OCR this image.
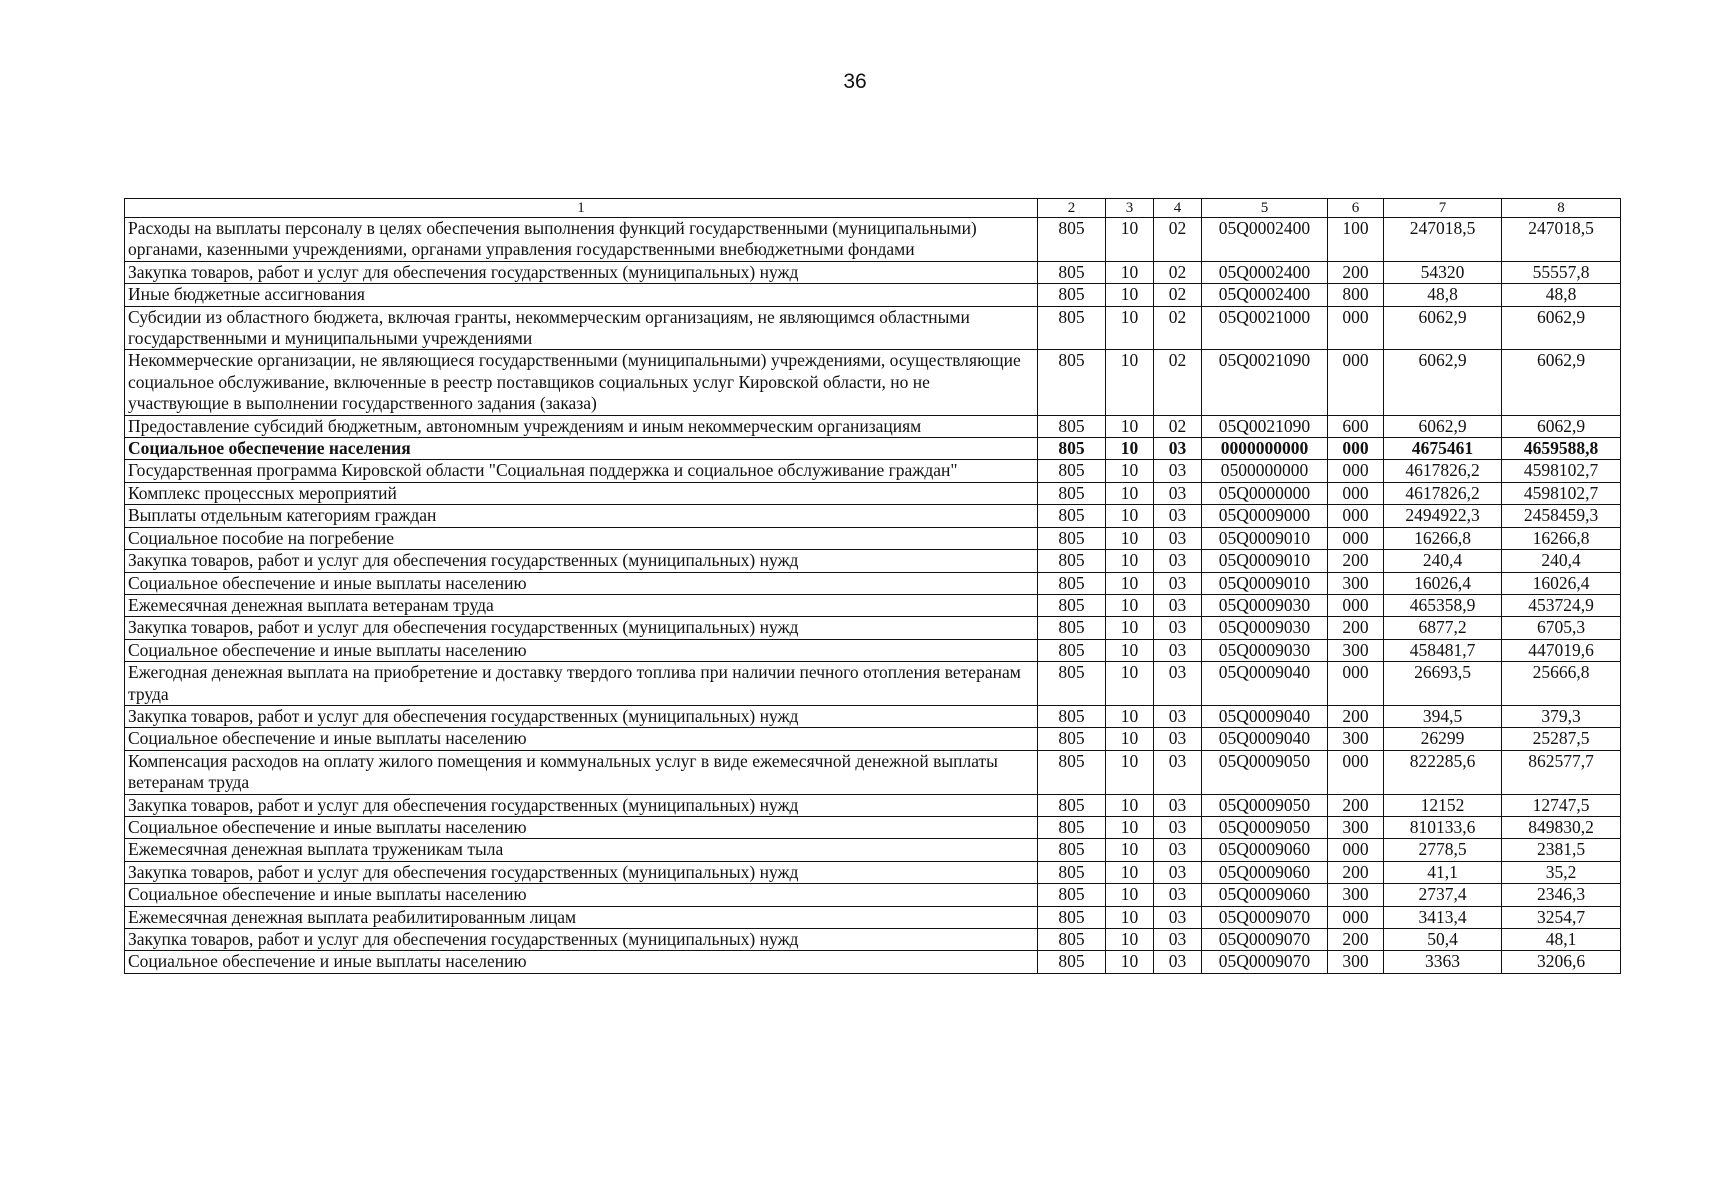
36
1	2	3	4	5	6	7	8
Расходы на выплаты персоналу в целях обеспечения выполнения функций государственными (муниципальными) органами, казенными учреждениями, органами управления государственными внебюджетными фондами	805	10	02	05Q0002400	100	247018,5	247018,5
Закупка товаров, работ и услуг для обеспечения государственных (муниципальных) нужд	805	10	02	05Q0002400	200	54320	55557,8
Иные бюджетные ассигнования	805	10	02	05Q0002400	800	48,8	48,8
Субсидии из областного бюджета, включая гранты, некоммерческим организациям, не являющимся областными государственными и муниципальными учреждениями	805	10	02	05Q0021000	000	6062,9	6062,9
Некоммерческие организации, не являющиеся государственными (муниципальными) учреждениями, осуществляющие социальное обслуживание, включенные в реестр поставщиков социальных услуг Кировской области, но не участвующие в выполнении государственного задания (заказа)	805	10	02	05Q0021090	000	6062,9	6062,9
Предоставление субсидий бюджетным, автономным учреждениям и иным некоммерческим организациям	805	10	02	05Q0021090	600	6062,9	6062,9
Социальное обеспечение населения	805	10	03	0000000000	000	4675461	4659588,8
Государственная программа Кировской области "Социальная поддержка и социальное обслуживание граждан"	805	10	03	0500000000	000	4617826,2	4598102,7
Комплекс процессных мероприятий	805	10	03	05Q0000000	000	4617826,2	4598102,7
Выплаты отдельным категориям граждан	805	10	03	05Q0009000	000	2494922,3	2458459,3
Социальное пособие на погребение	805	10	03	05Q0009010	000	16266,8	16266,8
Закупка товаров, работ и услуг для обеспечения государственных (муниципальных) нужд	805	10	03	05Q0009010	200	240,4	240,4
Социальное обеспечение и иные выплаты населению	805	10	03	05Q0009010	300	16026,4	16026,4
Ежемесячная денежная выплата ветеранам труда	805	10	03	05Q0009030	000	465358,9	453724,9
Закупка товаров, работ и услуг для обеспечения государственных (муниципальных) нужд	805	10	03	05Q0009030	200	6877,2	6705,3
Социальное обеспечение и иные выплаты населению	805	10	03	05Q0009030	300	458481,7	447019,6
Ежегодная денежная выплата на приобретение и доставку твердого топлива при наличии печного отопления ветеранам труда	805	10	03	05Q0009040	000	26693,5	25666,8
Закупка товаров, работ и услуг для обеспечения государственных (муниципальных) нужд	805	10	03	05Q0009040	200	394,5	379,3
Социальное обеспечение и иные выплаты населению	805	10	03	05Q0009040	300	26299	25287,5
Компенсация расходов на оплату жилого помещения и коммунальных услуг в виде ежемесячной денежной выплаты ветеранам труда	805	10	03	05Q0009050	000	822285,6	862577,7
Закупка товаров, работ и услуг для обеспечения государственных (муниципальных) нужд	805	10	03	05Q0009050	200	12152	12747,5
Социальное обеспечение и иные выплаты населению	805	10	03	05Q0009050	300	810133,6	849830,2
Ежемесячная денежная выплата труженикам тыла	805	10	03	05Q0009060	000	2778,5	2381,5
Закупка товаров, работ и услуг для обеспечения государственных (муниципальных) нужд	805	10	03	05Q0009060	200	41,1	35,2
Социальное обеспечение и иные выплаты населению	805	10	03	05Q0009060	300	2737,4	2346,3
Ежемесячная денежная выплата реабилитированным лицам	805	10	03	05Q0009070	000	3413,4	3254,7
Закупка товаров, работ и услуг для обеспечения государственных (муниципальных) нужд	805	10	03	05Q0009070	200	50,4	48,1
Социальное обеспечение и иные выплаты населению	805	10	03	05Q0009070	300	3363	3206,6
